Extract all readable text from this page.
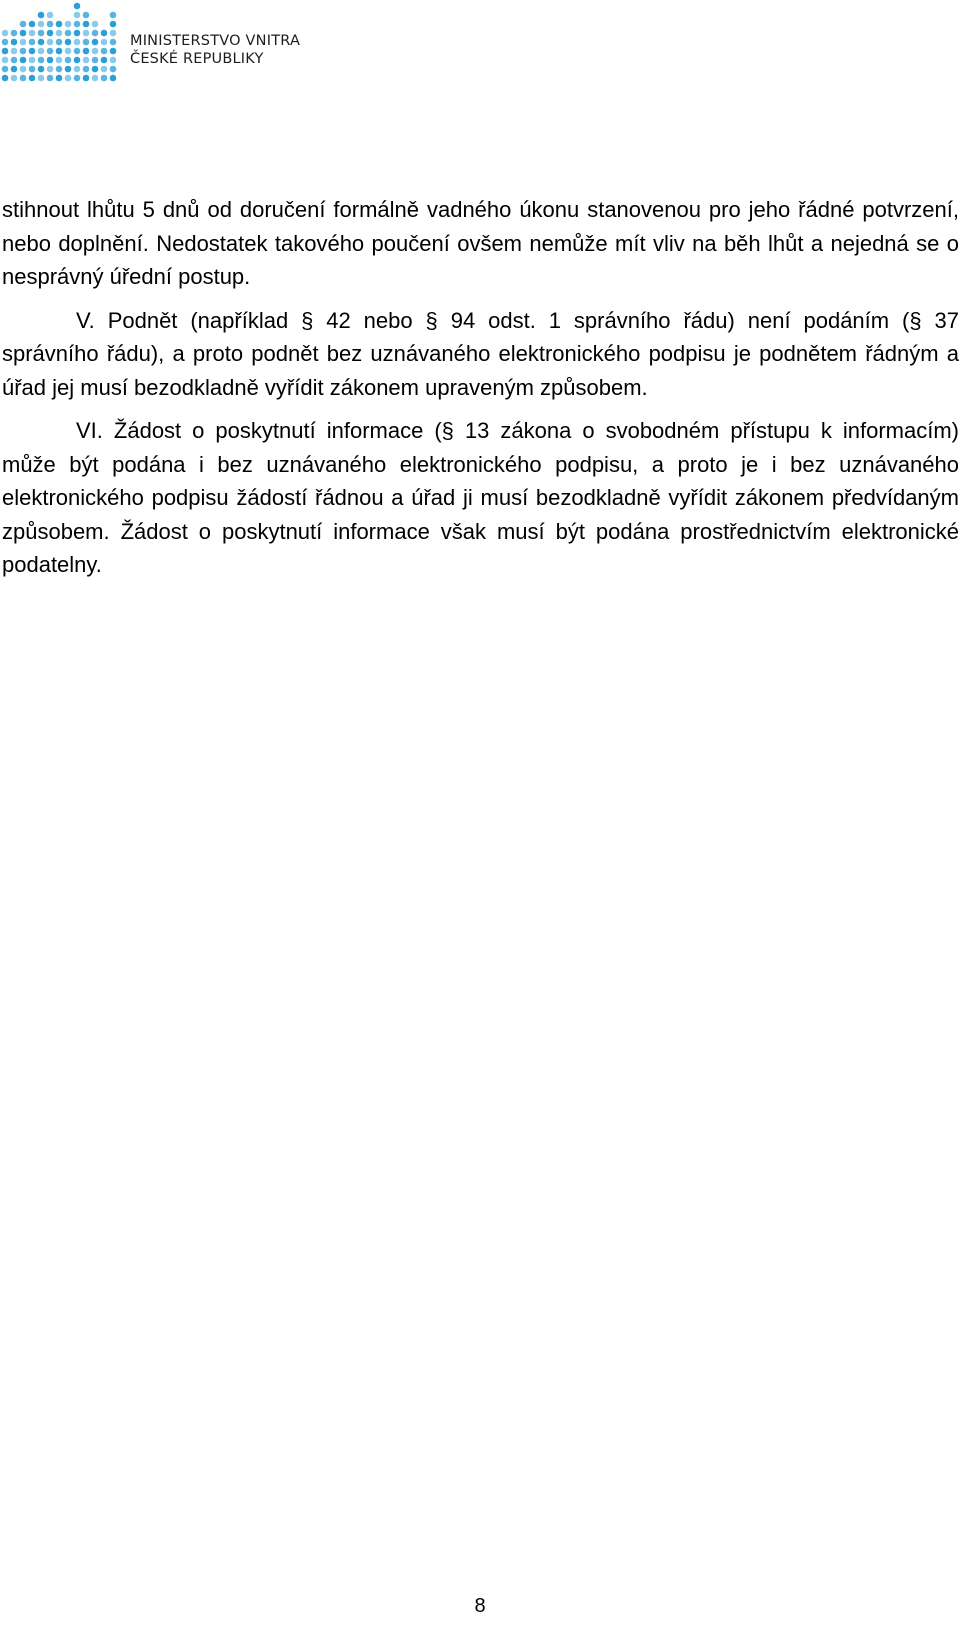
MINISTERSTVO VNITRA
ČESKÉ REPUBLIKY

stihnout lhůtu 5 dnů od doručení formálně vadného úkonu stanovenou pro jeho řádné potvrzení, nebo doplnění. Nedostatek takového poučení ovšem nemůže mít vliv na běh lhůt a nejedná se o nesprávný úřední postup.

V. Podnět (například § 42 nebo § 94 odst. 1 správního řádu) není podáním (§ 37 správního řádu), a proto podnět bez uznávaného elektronického podpisu je podnětem řádným a úřad jej musí bezodkladně vyřídit zákonem upraveným způsobem.

VI. Žádost o poskytnutí informace (§ 13 zákona o svobodném přístupu k informacím) může být podána i bez uznávaného elektronického podpisu, a proto je i bez uznávaného elektronického podpisu žádostí řádnou a úřad ji musí bezodkladně vyřídit zákonem předvídaným způsobem. Žádost o poskytnutí informace však musí být podána prostřednictvím elektronické podatelny.

8
